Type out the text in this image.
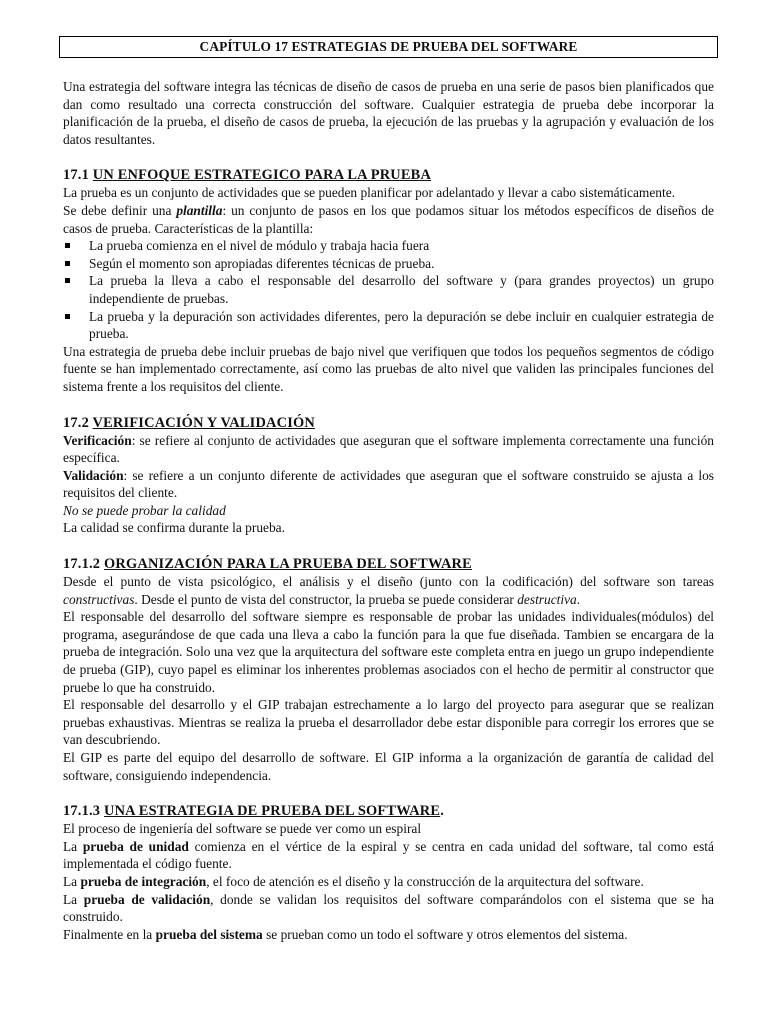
CAPÍTULO 17 ESTRATEGIAS DE PRUEBA DEL SOFTWARE

Una estrategia del software integra las técnicas de diseño de casos de prueba en una serie de pasos bien planificados que dan como resultado una correcta construcción del software. Cualquier estrategia de prueba debe incorporar la planificación de la prueba, el diseño de casos de prueba, la ejecución de las pruebas y la agrupación y evaluación de los datos resultantes.

17.1 UN ENFOQUE ESTRATEGICO PARA LA PRUEBA

La prueba es un conjunto de actividades que se pueden planificar por adelantado y llevar a cabo sistemáticamente.

Se debe definir una plantilla: un conjunto de pasos en los que podamos situar los métodos específicos de diseños de casos de prueba. Características de la plantilla:

La prueba comienza en el nivel de módulo y trabaja hacia fuera

Según el momento son apropiadas diferentes técnicas de prueba.

La prueba la lleva a cabo el responsable del desarrollo del software y (para grandes proyectos) un grupo independiente de pruebas.

La prueba y la depuración son actividades diferentes, pero la depuración se debe incluir en cualquier estrategia de prueba.

Una estrategia de prueba debe incluir pruebas de bajo nivel que verifiquen que todos los pequeños segmentos de código fuente se han implementado correctamente, así como las pruebas de alto nivel que validen las principales funciones del sistema frente a los requisitos del cliente.

17.2 VERIFICACIÓN Y VALIDACIÓN

Verificación: se refiere al conjunto de actividades que aseguran que el software implementa correctamente una función específica.

Validación: se refiere a un conjunto diferente de actividades que aseguran que el software construido se ajusta a los requisitos del cliente.

No se puede probar la calidad

La calidad se confirma durante la prueba.

17.1.2 ORGANIZACIÓN PARA LA PRUEBA DEL SOFTWARE

Desde el punto de vista psicológico, el análisis y el diseño (junto con la codificación) del software son tareas constructivas. Desde el punto de vista del constructor, la prueba se puede considerar destructiva.

El responsable del desarrollo del software siempre es responsable de probar las unidades individuales(módulos) del programa, asegurándose de que cada una lleva a cabo la función para la que fue diseñada. Tambien se encargara de la prueba de integración. Solo una vez que la arquitectura del software este completa entra en juego un grupo independiente de prueba (GIP), cuyo papel es eliminar los inherentes problemas asociados con el hecho de permitir al constructor que pruebe lo que ha construido.

El responsable del desarrollo y el GIP trabajan estrechamente a lo largo del proyecto para asegurar que se realizan pruebas exhaustivas. Mientras se realiza la prueba el desarrollador debe estar disponible para corregir los errores que se van descubriendo.

El GIP es parte del equipo del desarrollo de software. El GIP informa a la organización de garantía de calidad del software, consiguiendo independencia.

17.1.3 UNA ESTRATEGIA DE PRUEBA DEL SOFTWARE.

El proceso de ingeniería del software se puede ver como un espiral

La prueba de unidad comienza en el vértice de la espiral y se centra en cada unidad del software, tal como está implementada el código fuente.

La prueba de integración, el foco de atención es el diseño y la construcción de la arquitectura del software.

La prueba de validación, donde se validan los requisitos del software comparándolos con el sistema que se ha construido.

Finalmente en la prueba del sistema se prueban como un todo el software y otros elementos del sistema.
